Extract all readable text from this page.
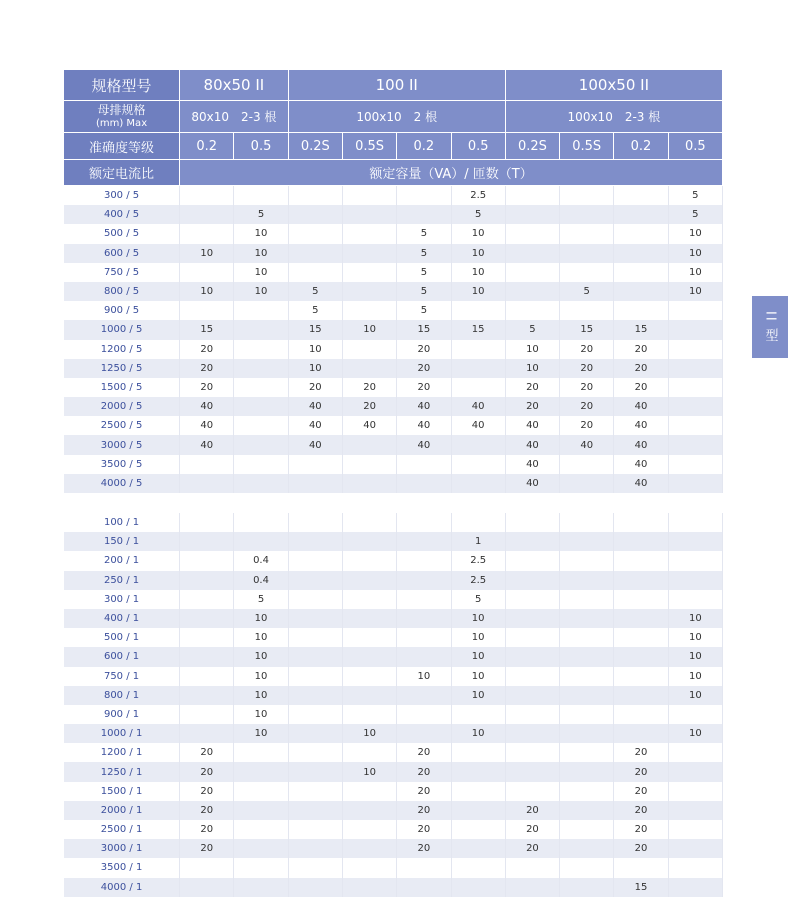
规格型号	80x50 II		100 II				100x50 II			
母排规格
(mm) Max	80x10　2-3 根		100x10　2 根				100x10　2-3 根			
准确度等级	0.2	0.5	0.2S	0.5S	0.2	0.5	0.2S	0.5S	0.2	0.5
额定电流比	额定容量（VA）/ 匝数（T）									
300 / 5						2.5				5
400 / 5		5				5				5
500 / 5		10			5	10				10
600 / 5	10	10			5	10				10
750 / 5		10			5	10				10
800 / 5	10	10	5		5	10		5		10
900 / 5			5		5					
1000 / 5	15		15	10	15	15	5	15	15	
1200 / 5	20		10		20		10	20	20	
1250 / 5	20		10		20		10	20	20	
1500 / 5	20		20	20	20		20	20	20	
2000 / 5	40		40	20	40	40	20	20	40	
2500 / 5	40		40	40	40	40	40	20	40	
3000 / 5	40		40		40		40	40	40	
3500 / 5							40		40	
4000 / 5							40		40	

100 / 1										
150 / 1						1				
200 / 1		0.4				2.5				
250 / 1		0.4				2.5				
300 / 1		5				5				
400 / 1		10				10				10
500 / 1		10				10				10
600 / 1		10				10				10
750 / 1		10			10	10				10
800 / 1		10				10				10
900 / 1		10								
1000 / 1		10		10		10				10
1200 / 1	20				20				20	
1250 / 1	20			10	20				20	
1500 / 1	20				20				20	
2000 / 1	20				20		20		20	
2500 / 1	20				20		20		20	
3000 / 1	20				20		20		20	
3500 / 1										
4000 / 1									15	
II 型
